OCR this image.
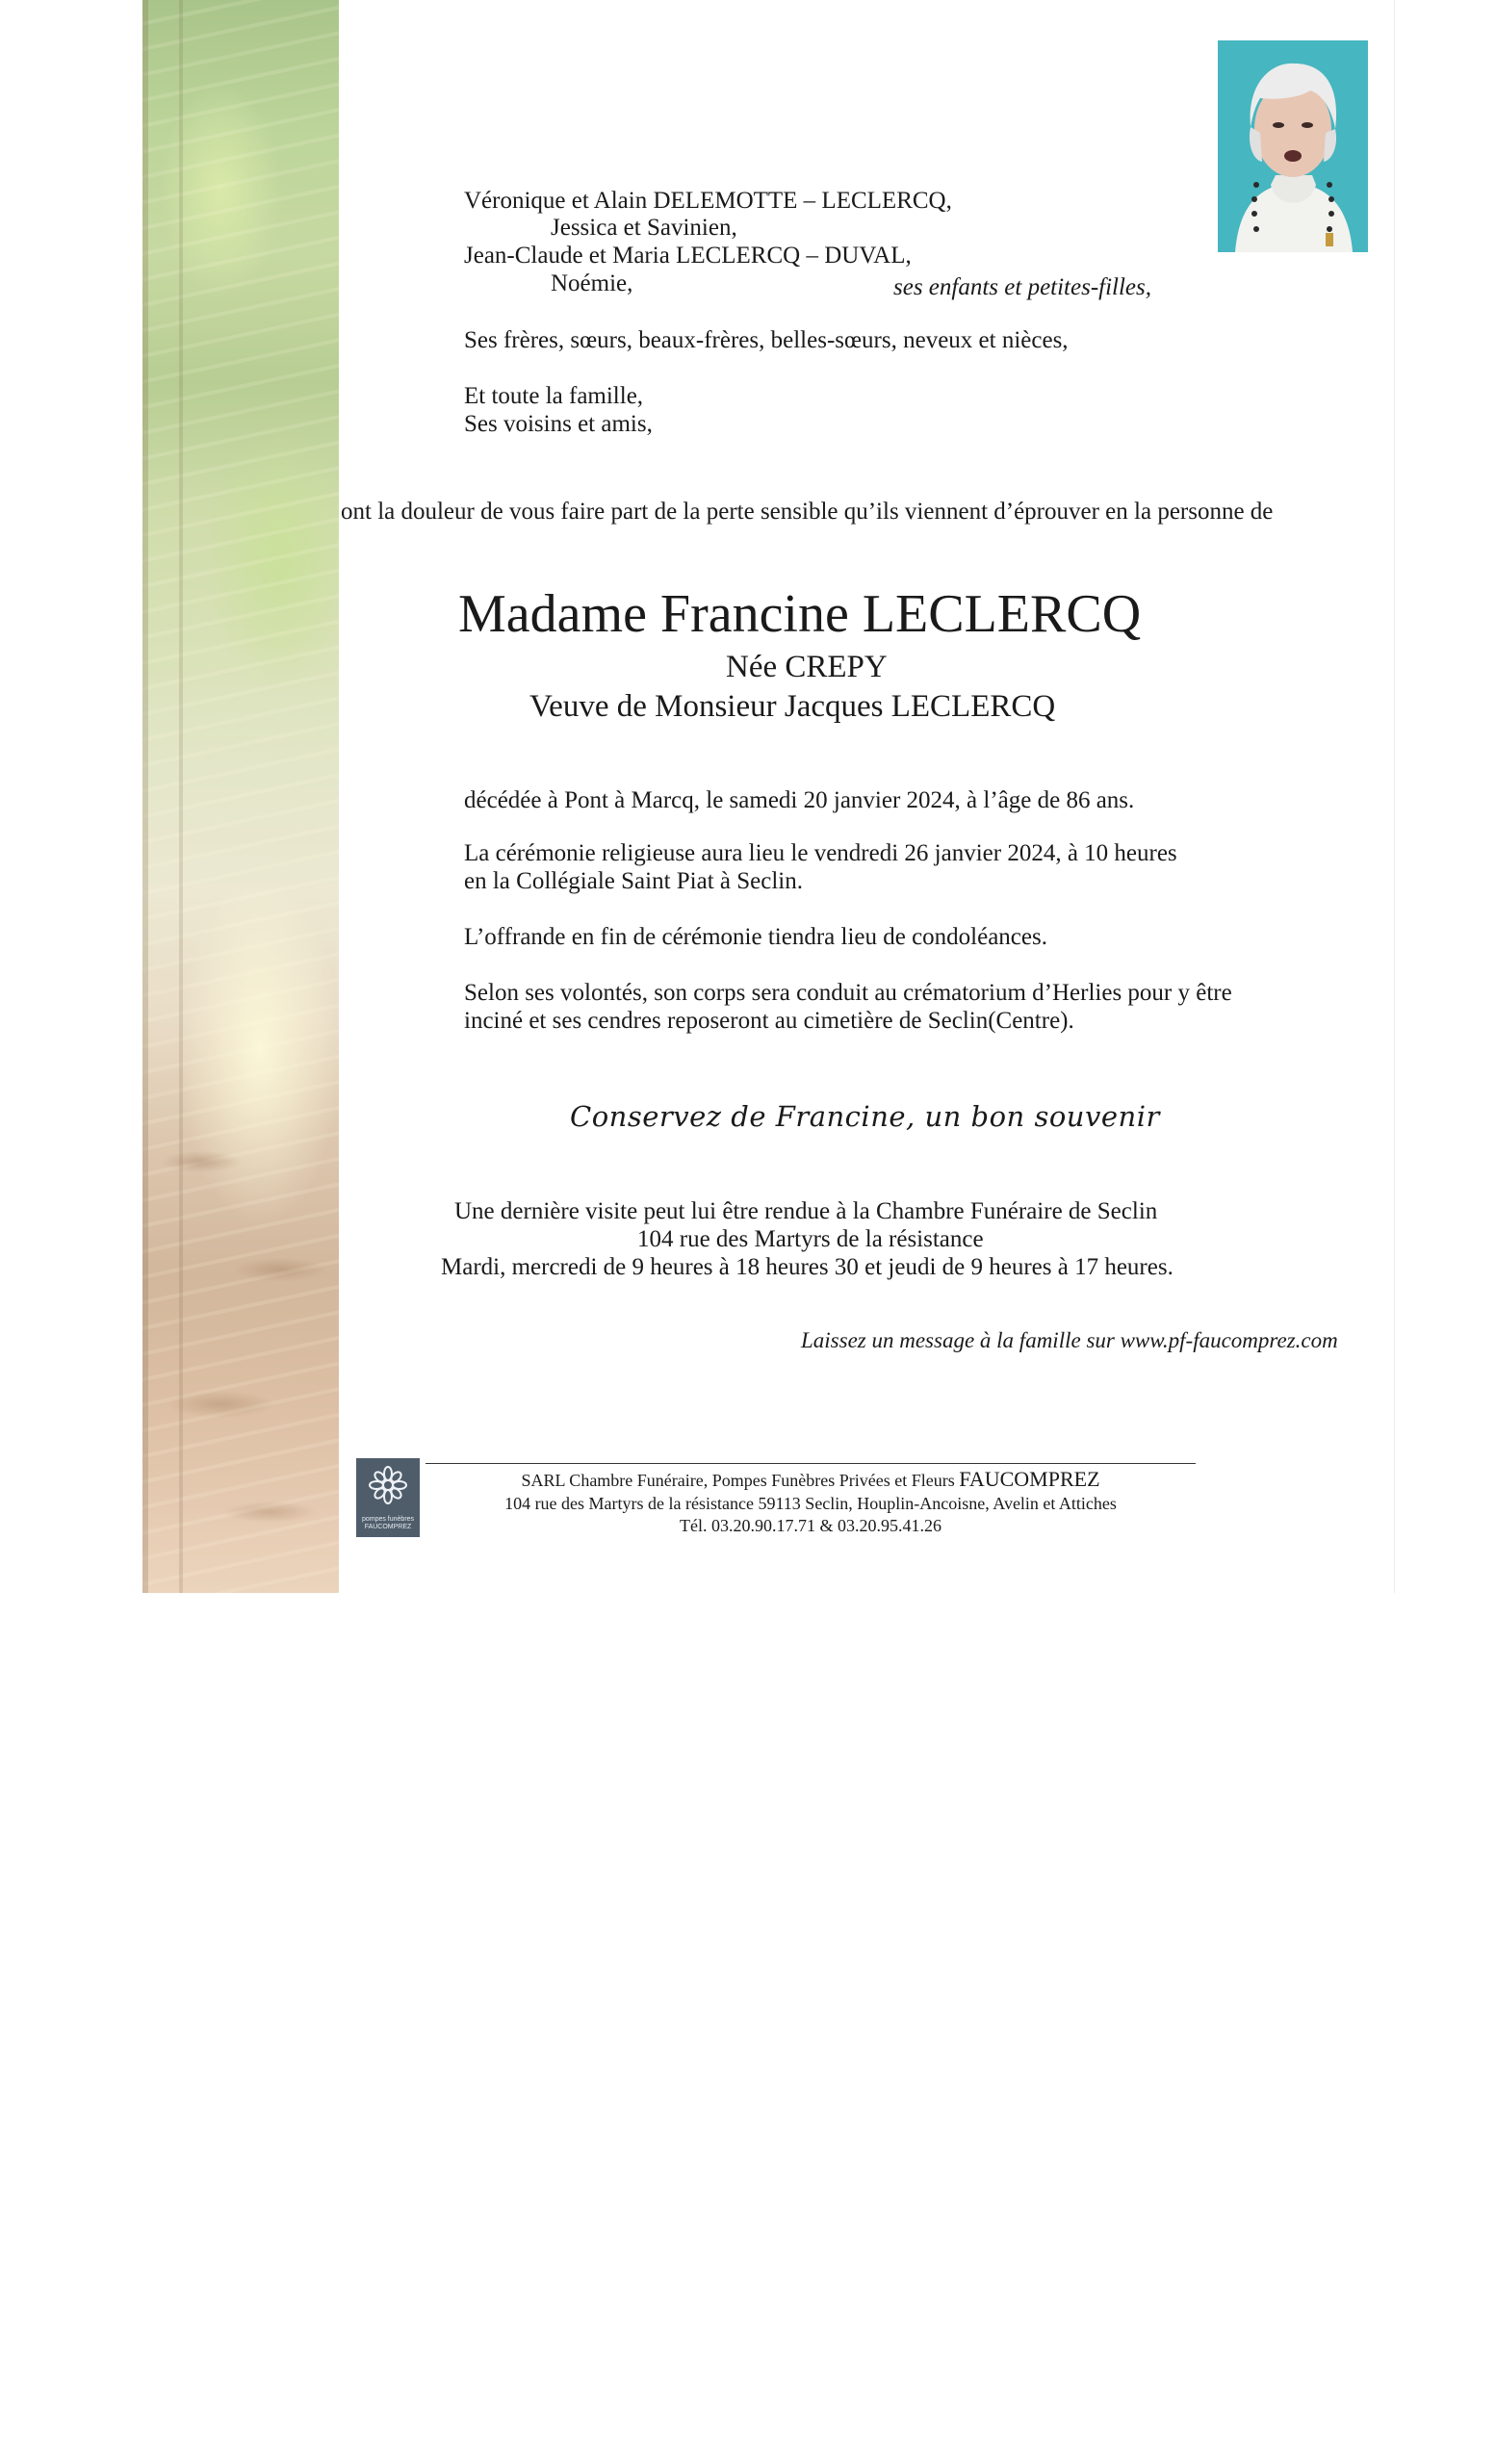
Véronique et Alain DELEMOTTE – LECLERCQ,
Jessica et Savinien,
Jean-Claude et Maria LECLERCQ – DUVAL,
Noémie,	ses enfants et petites-filles,
Ses frères, sœurs, beaux-frères, belles-sœurs, neveux et nièces,
Et toute la famille,
Ses voisins et amis,
ont la douleur de vous faire part de la perte sensible qu’ils viennent d’éprouver en la personne de
Madame Francine LECLERCQ
Née CREPY
Veuve de Monsieur Jacques LECLERCQ
décédée à Pont à Marcq, le samedi 20 janvier 2024, à l’âge de 86 ans.
La cérémonie religieuse aura lieu le vendredi 26 janvier 2024, à 10 heures
en la Collégiale Saint Piat à Seclin.
L’offrande en fin de cérémonie tiendra lieu de condoléances.
Selon ses volontés, son corps sera conduit au crématorium d’Herlies pour y être
inciné et ses cendres reposeront au cimetière de Seclin(Centre).
Conservez de Francine, un bon souvenir
Une dernière visite peut lui être rendue à la Chambre Funéraire de Seclin
104 rue des Martyrs de la résistance
Mardi, mercredi de 9 heures à 18 heures 30 et jeudi de 9 heures à 17 heures.
Laissez un message à la famille sur www.pf-faucomprez.com
pompes funèbres
FAUCOMPREZ
SARL Chambre Funéraire, Pompes Funèbres Privées et Fleurs FAUCOMPREZ
104 rue des Martyrs de la résistance 59113 Seclin, Houplin-Ancoisne, Avelin et Attiches
Tél. 03.20.90.17.71 & 03.20.95.41.26
